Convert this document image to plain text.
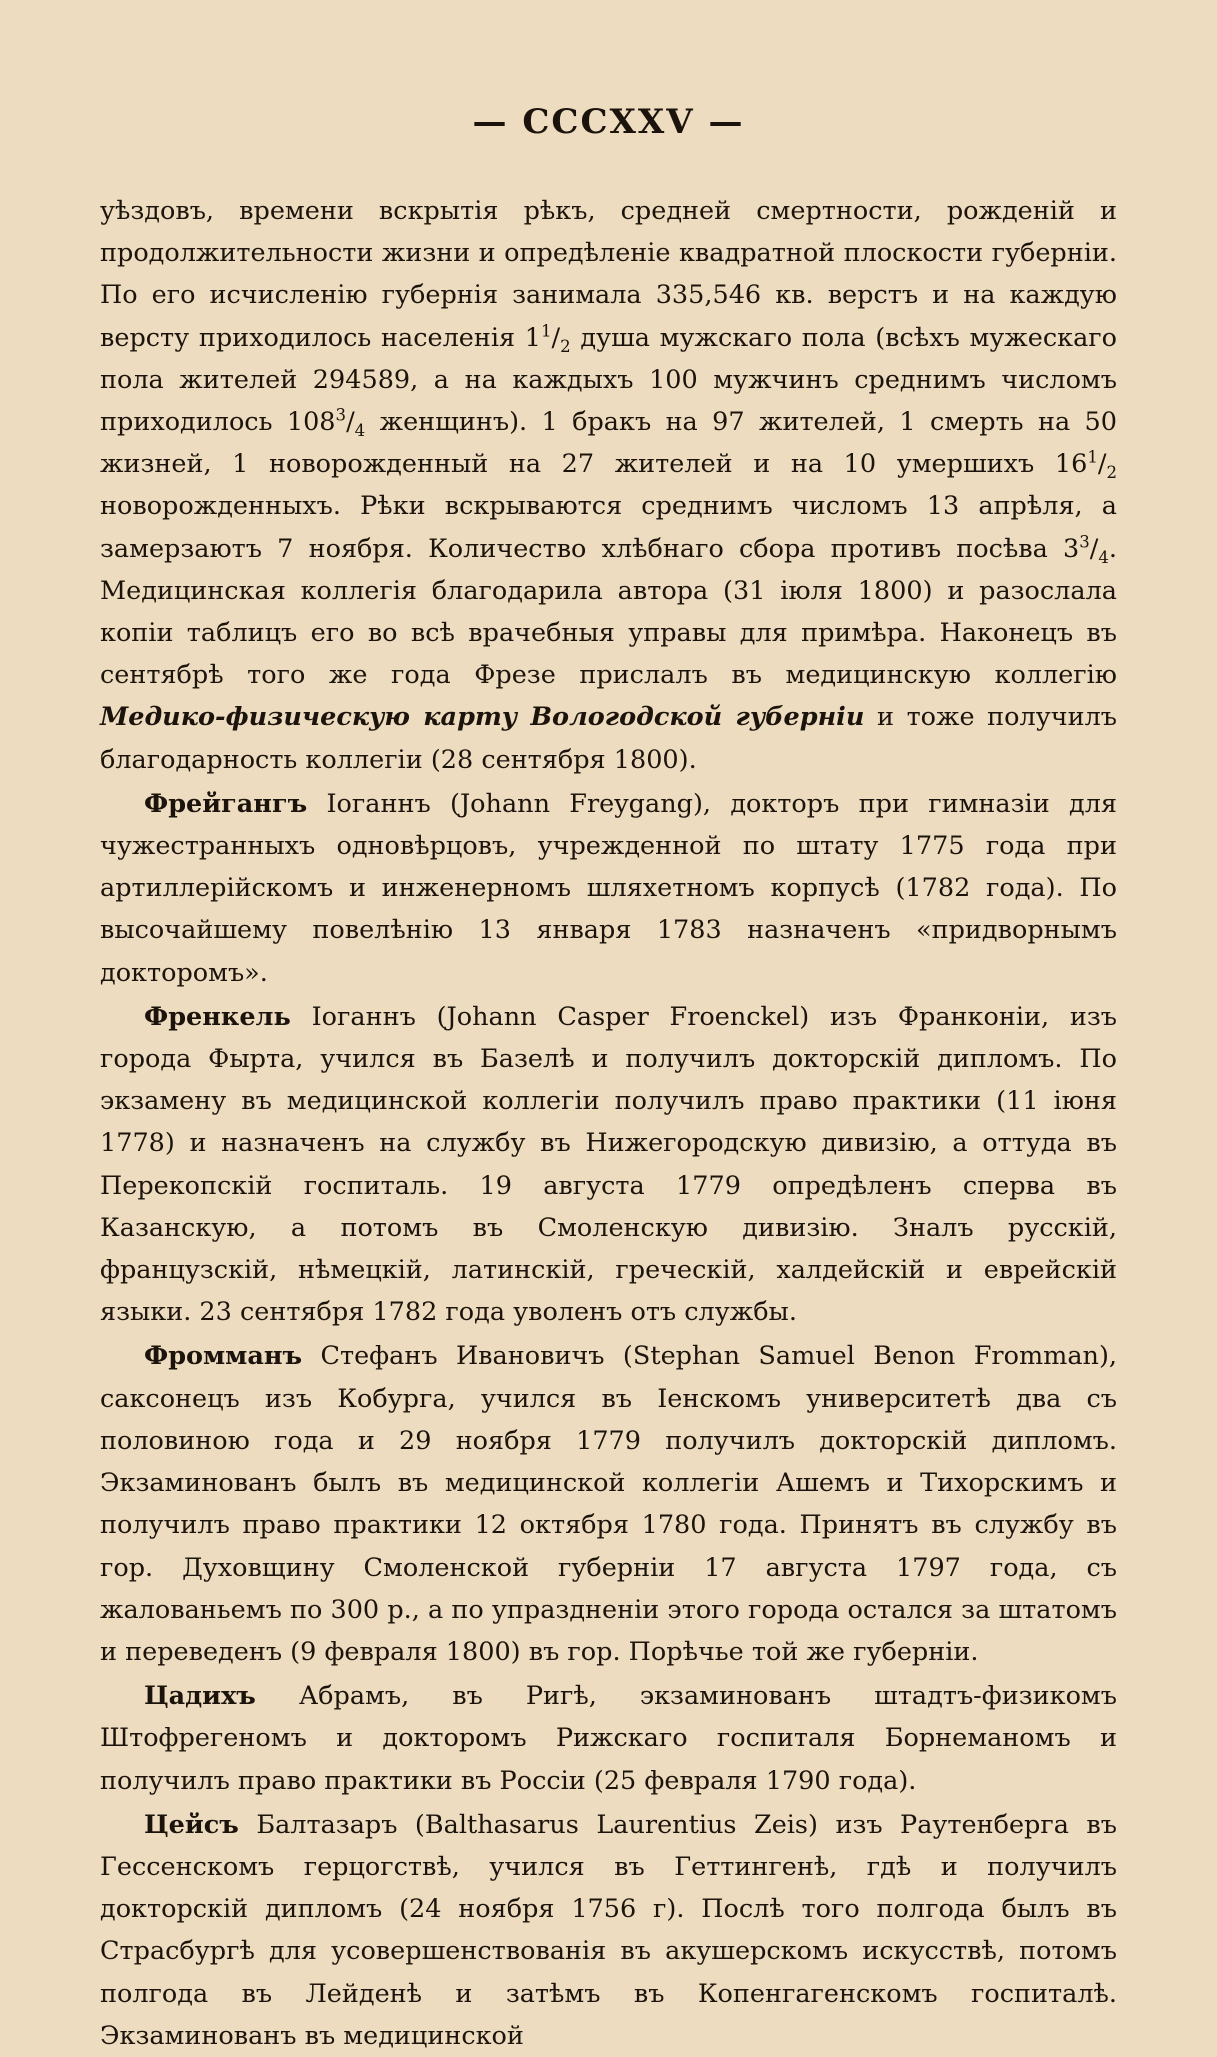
— CCCXXV —

уѣздовъ, времени вскрытія рѣкъ, средней смертности, рожденій и продолжительности жизни и опредѣленіе квадратной плоскости губерніи. По его исчисленію губернія занимала 335,546 кв. верстъ и на каждую версту приходилось населенія $1^1/_2$ душа мужскаго пола (всѣхъ мужескаго пола жителей 294589, а на каждыхъ 100 мужчинъ среднимъ числомъ приходилось $108^3/_4$ женщинъ). 1 бракъ на 97 жителей, 1 смерть на 50 жизней, 1 новорожденный на 27 жителей и на 10 умершихъ $16^1/_2$ новорожденныхъ. Рѣки вскрываются среднимъ числомъ 13 апрѣля, а замерзаютъ 7 ноября. Количество хлѣбнаго сбора противъ посѣва $3^3/_4$. Медицинская коллегія благодарила автора (31 іюля 1800) и разослала копіи таблицъ его во всѣ врачебныя управы для примѣра. Наконецъ въ сентябрѣ того же года Фрезе прислалъ въ медицинскую коллегію Медико-физическую карту Вологодской губерніи и тоже получилъ благодарность коллегіи (28 сентября 1800).

Фрейгангъ Іоганнъ (Johann Freygang), докторъ при гимназіи для чужестранныхъ одновѣрцовъ, учрежденной по штату 1775 года при артиллерійскомъ и инженерномъ шляхетномъ корпусѣ (1782 года). По высочайшему повелѣнію 13 января 1783 назначенъ «придворнымъ докторомъ».

Френкель Іоганнъ (Johann Casper Froenckel) изъ Франконіи, изъ города Фырта, учился въ Базелѣ и получилъ докторскій дипломъ. По экзамену въ медицинской коллегіи получилъ право практики (11 іюня 1778) и назначенъ на службу въ Нижегородскую дивизію, а оттуда въ Перекопскій госпиталь. 19 августа 1779 опредѣленъ сперва въ Казанскую, а потомъ въ Смоленскую дивизію. Зналъ русскій, французскій, нѣмецкій, латинскій, греческій, халдейскій и еврейскій языки. 23 сентября 1782 года уволенъ отъ службы.

Фромманъ Стефанъ Ивановичъ (Stephan Samuel Benon Fromman), саксонецъ изъ Кобурга, учился въ Іенскомъ университетѣ два съ половиною года и 29 ноября 1779 получилъ докторскій дипломъ. Экзаминованъ былъ въ медицинской коллегіи Ашемъ и Тихорскимъ и получилъ право практики 12 октября 1780 года. Принятъ въ службу въ гор. Духовщину Смоленской губерніи 17 августа 1797 года, съ жалованьемъ по 300 р., а по упраздненіи этого города остался за штатомъ и переведенъ (9 февраля 1800) въ гор. Порѣчье той же губерніи.

Цадихъ Абрамъ, въ Ригѣ, экзаминованъ штадтъ-физикомъ Штофрегеномъ и докторомъ Рижскаго госпиталя Борнеманомъ и получилъ право практики въ Россіи (25 февраля 1790 года).

Цейсъ Балтазаръ (Balthasarus Laurentius Zeis) изъ Раутенберга въ Гессенскомъ герцогствѣ, учился въ Геттингенѣ, гдѣ и получилъ докторскій дипломъ (24 ноября 1756 г). Послѣ того полгода былъ въ Страсбургѣ для усовершенствованія въ акушерскомъ искусствѣ, потомъ полгода въ Лейденѣ и затѣмъ въ Копенгагенскомъ госпиталѣ. Экзаминованъ въ медицинской
